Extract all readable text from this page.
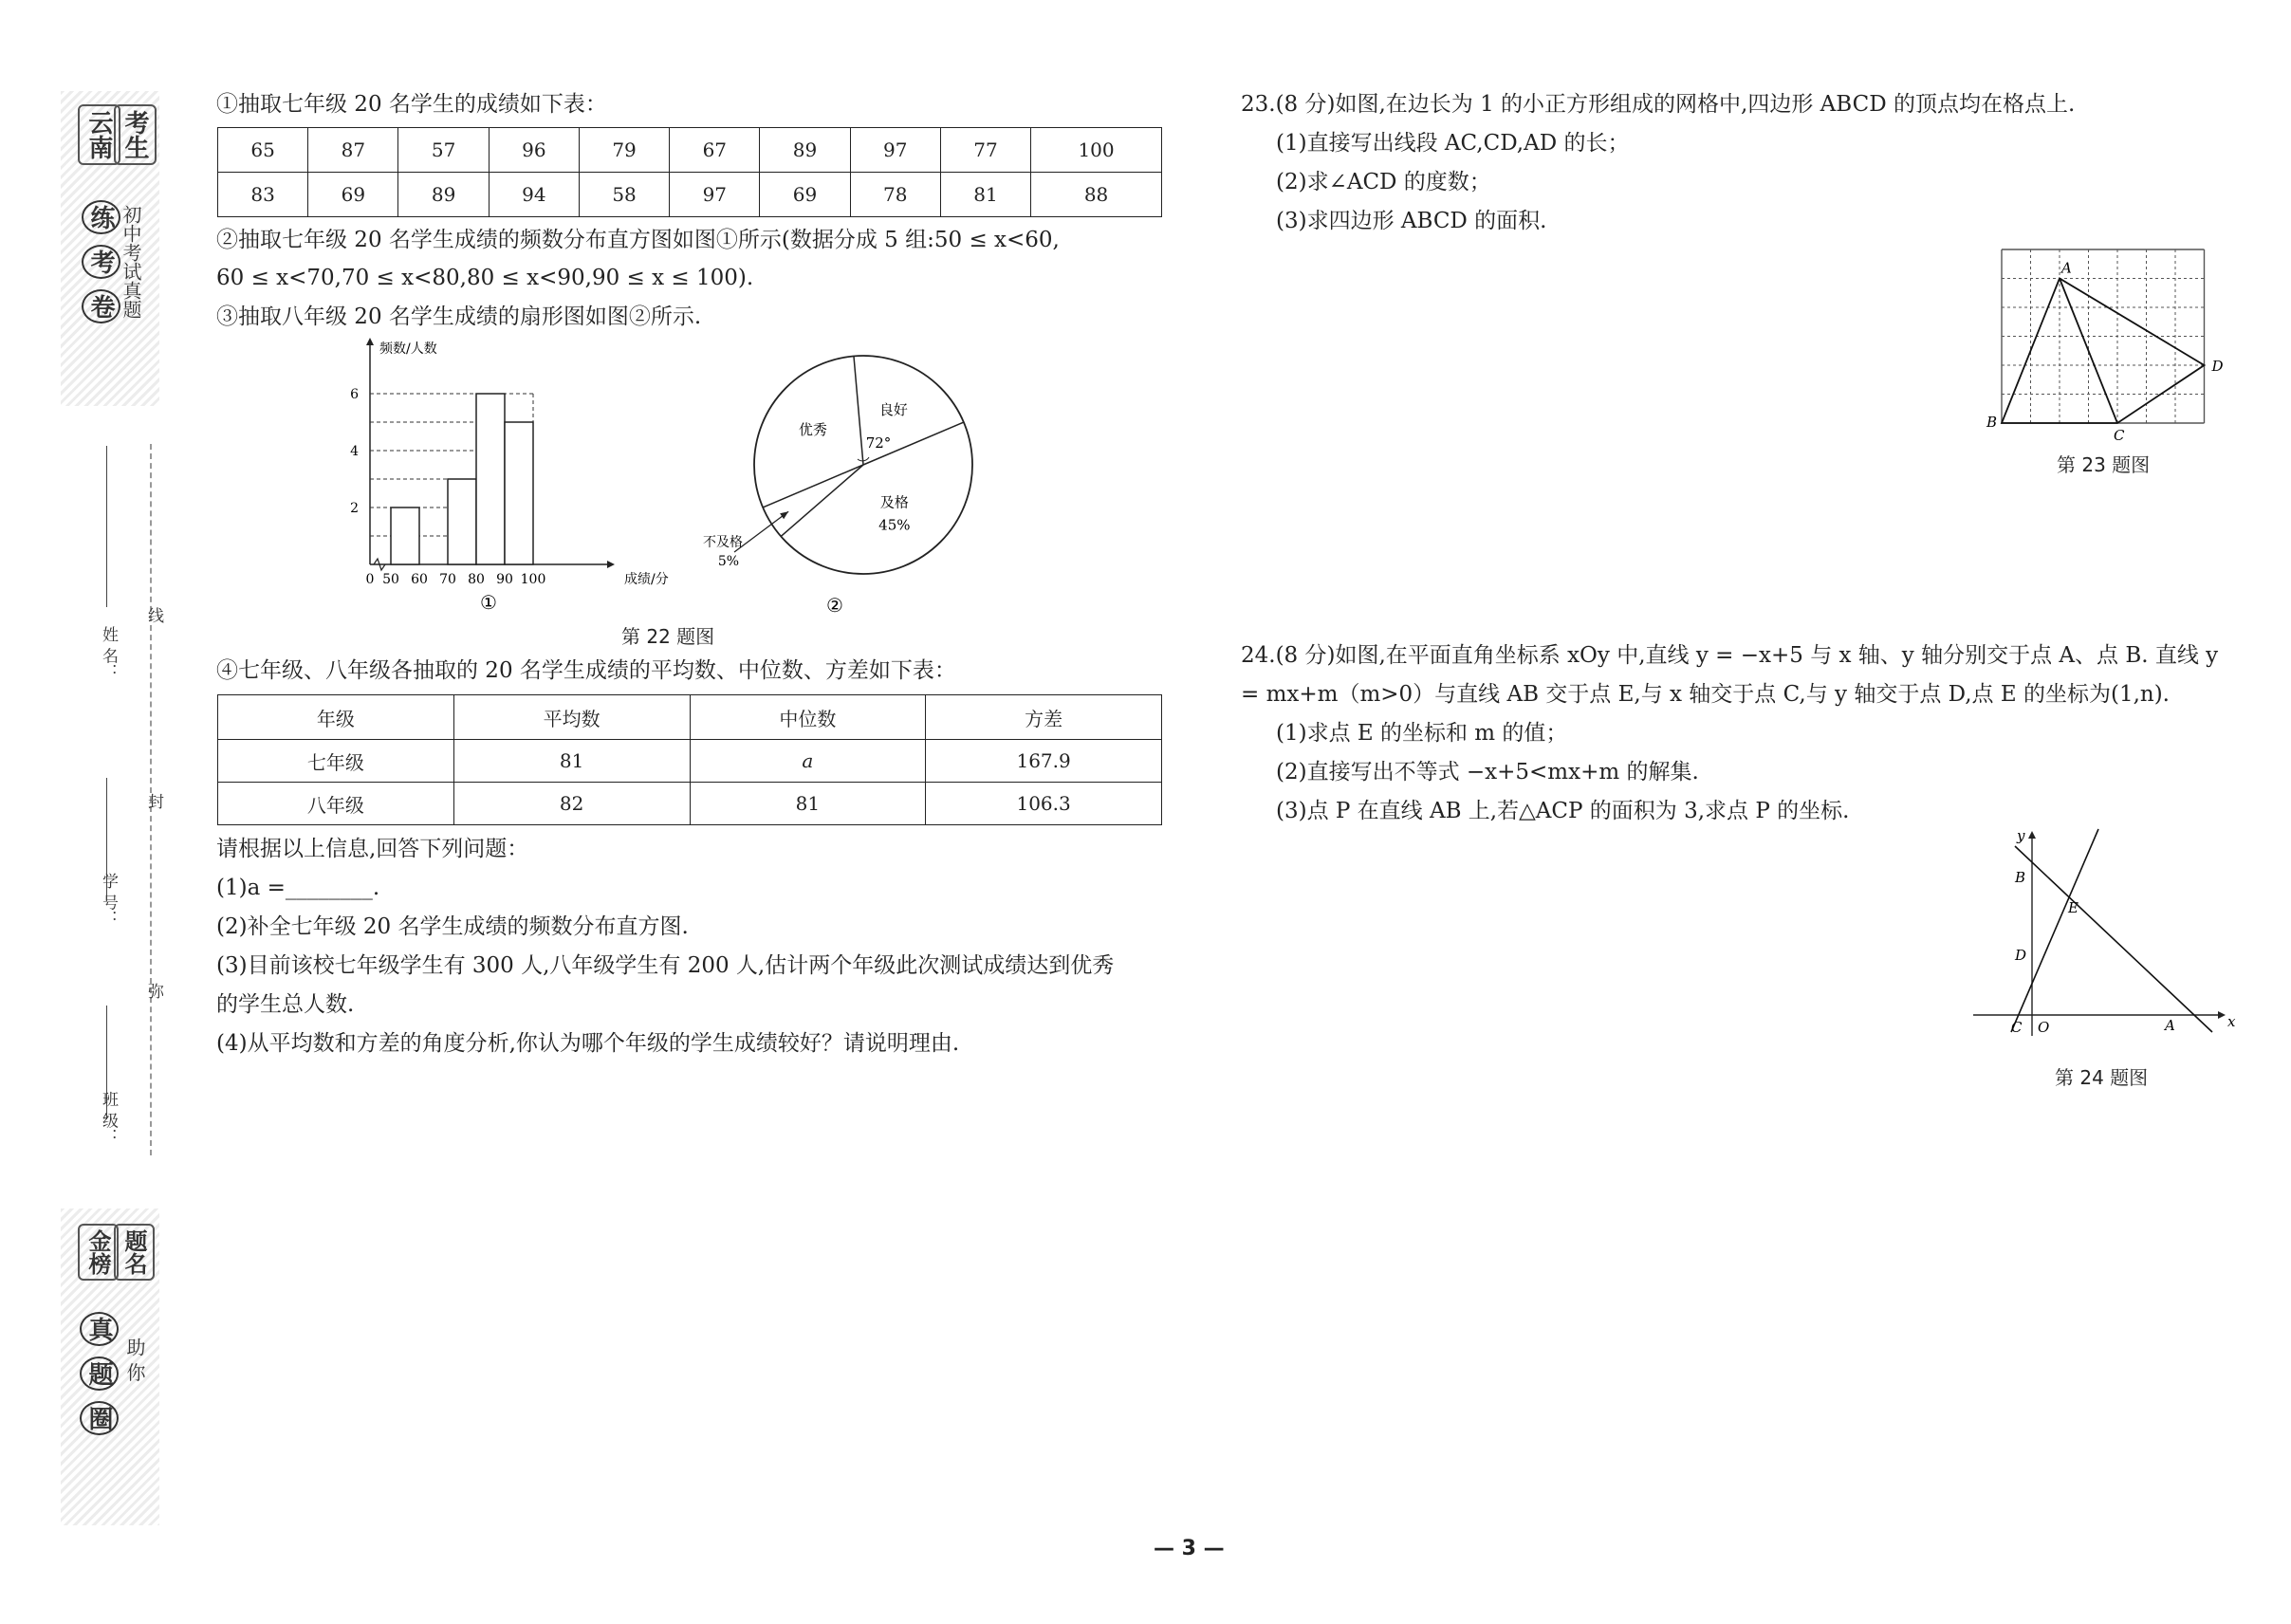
云南
考生
初中考试真题
练 考 卷
姓 名：
学 号：
班 级：
线
封
弥
真 题 圈
助 你
金榜
题名
①抽取七年级 20 名学生的成绩如下表：
65	87	57	96	79	67	89	97	77	100
83	69	89	94	58	97	69	78	81	88
②抽取七年级 20 名学生成绩的频数分布直方图如图①所示(数据分成 5 组:50 ≤ x<60,
60 ≤ x<70,70 ≤ x<80,80 ≤ x<90,90 ≤ x ≤ 100).
③抽取八年级 20 名学生成绩的扇形图如图②所示.
2
4
6
0 50 60 70 80 90 100	成绩/分
频数/人数
①
良好
72°
及格
45%
优秀
不及格
5%
②
第 22 题图
④七年级、八年级各抽取的 20 名学生成绩的平均数、中位数、方差如下表：
年级	平均数	中位数	方差
七年级	81	a	167.9
八年级	82	81	106.3
请根据以上信息,回答下列问题：
(1)a =________.
(2)补全七年级 20 名学生成绩的频数分布直方图.
(3)目前该校七年级学生有 300 人,八年级学生有 200 人,估计两个年级此次测试成绩达到优秀
的学生总人数.
(4)从平均数和方差的角度分析,你认为哪个年级的学生成绩较好？请说明理由.
23.(8 分)如图,在边长为 1 的小正方形组成的网格中,四边形 ABCD 的顶点均在格点上.
(1)直接写出线段 AC,CD,AD 的长；
(2)求∠ACD 的度数；
(3)求四边形 ABCD 的面积.
A
B
C
D
第 23 题图
24.(8 分)如图,在平面直角坐标系 xOy 中,直线 y = −x+5 与 x 轴、y 轴分别交于点 A、点 B. 直线 y
= mx+m（m>0）与直线 AB 交于点 E,与 x 轴交于点 C,与 y 轴交于点 D,点 E 的坐标为(1,n).
(1)求点 E 的坐标和 m 的值；
(2)直接写出不等式 −x+5<mx+m 的解集.
(3)点 P 在直线 AB 上,若△ACP 的面积为 3,求点 P 的坐标.
B
E
D
C O	A	x
y
第 24 题图
— 3 —
